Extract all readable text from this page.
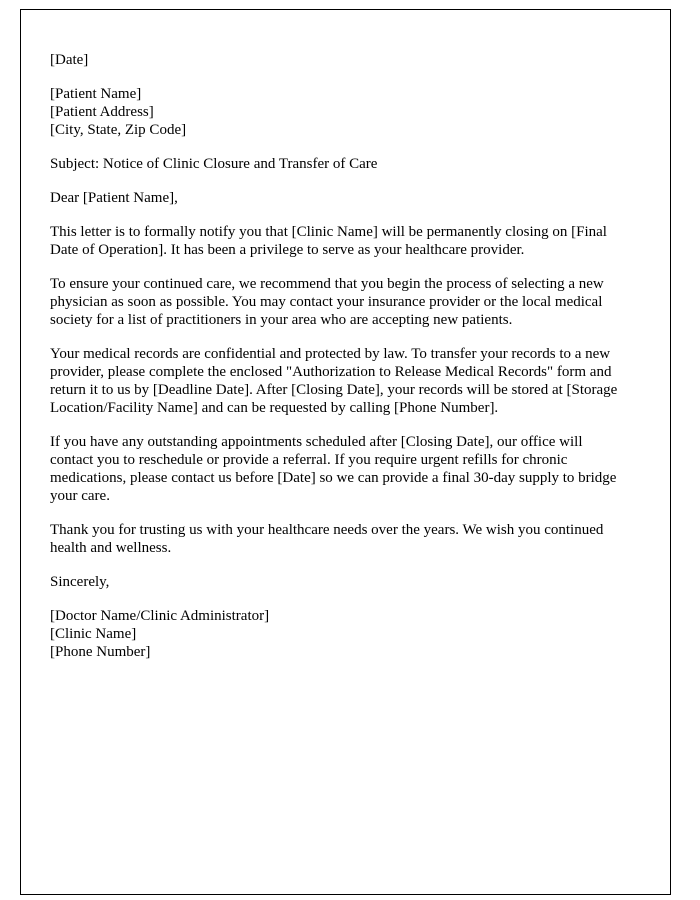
[Date]

[Patient Name]
[Patient Address]
[City, State, Zip Code]

Subject: Notice of Clinic Closure and Transfer of Care

Dear [Patient Name],

This letter is to formally notify you that [Clinic Name] will be permanently closing on [Final Date of Operation]. It has been a privilege to serve as your healthcare provider.

To ensure your continued care, we recommend that you begin the process of selecting a new physician as soon as possible. You may contact your insurance provider or the local medical society for a list of practitioners in your area who are accepting new patients.

Your medical records are confidential and protected by law. To transfer your records to a new provider, please complete the enclosed "Authorization to Release Medical Records" form and return it to us by [Deadline Date]. After [Closing Date], your records will be stored at [Storage Location/Facility Name] and can be requested by calling [Phone Number].

If you have any outstanding appointments scheduled after [Closing Date], our office will contact you to reschedule or provide a referral. If you require urgent refills for chronic medications, please contact us before [Date] so we can provide a final 30-day supply to bridge your care.

Thank you for trusting us with your healthcare needs over the years. We wish you continued health and wellness.

Sincerely,

[Doctor Name/Clinic Administrator]
[Clinic Name]
[Phone Number]
